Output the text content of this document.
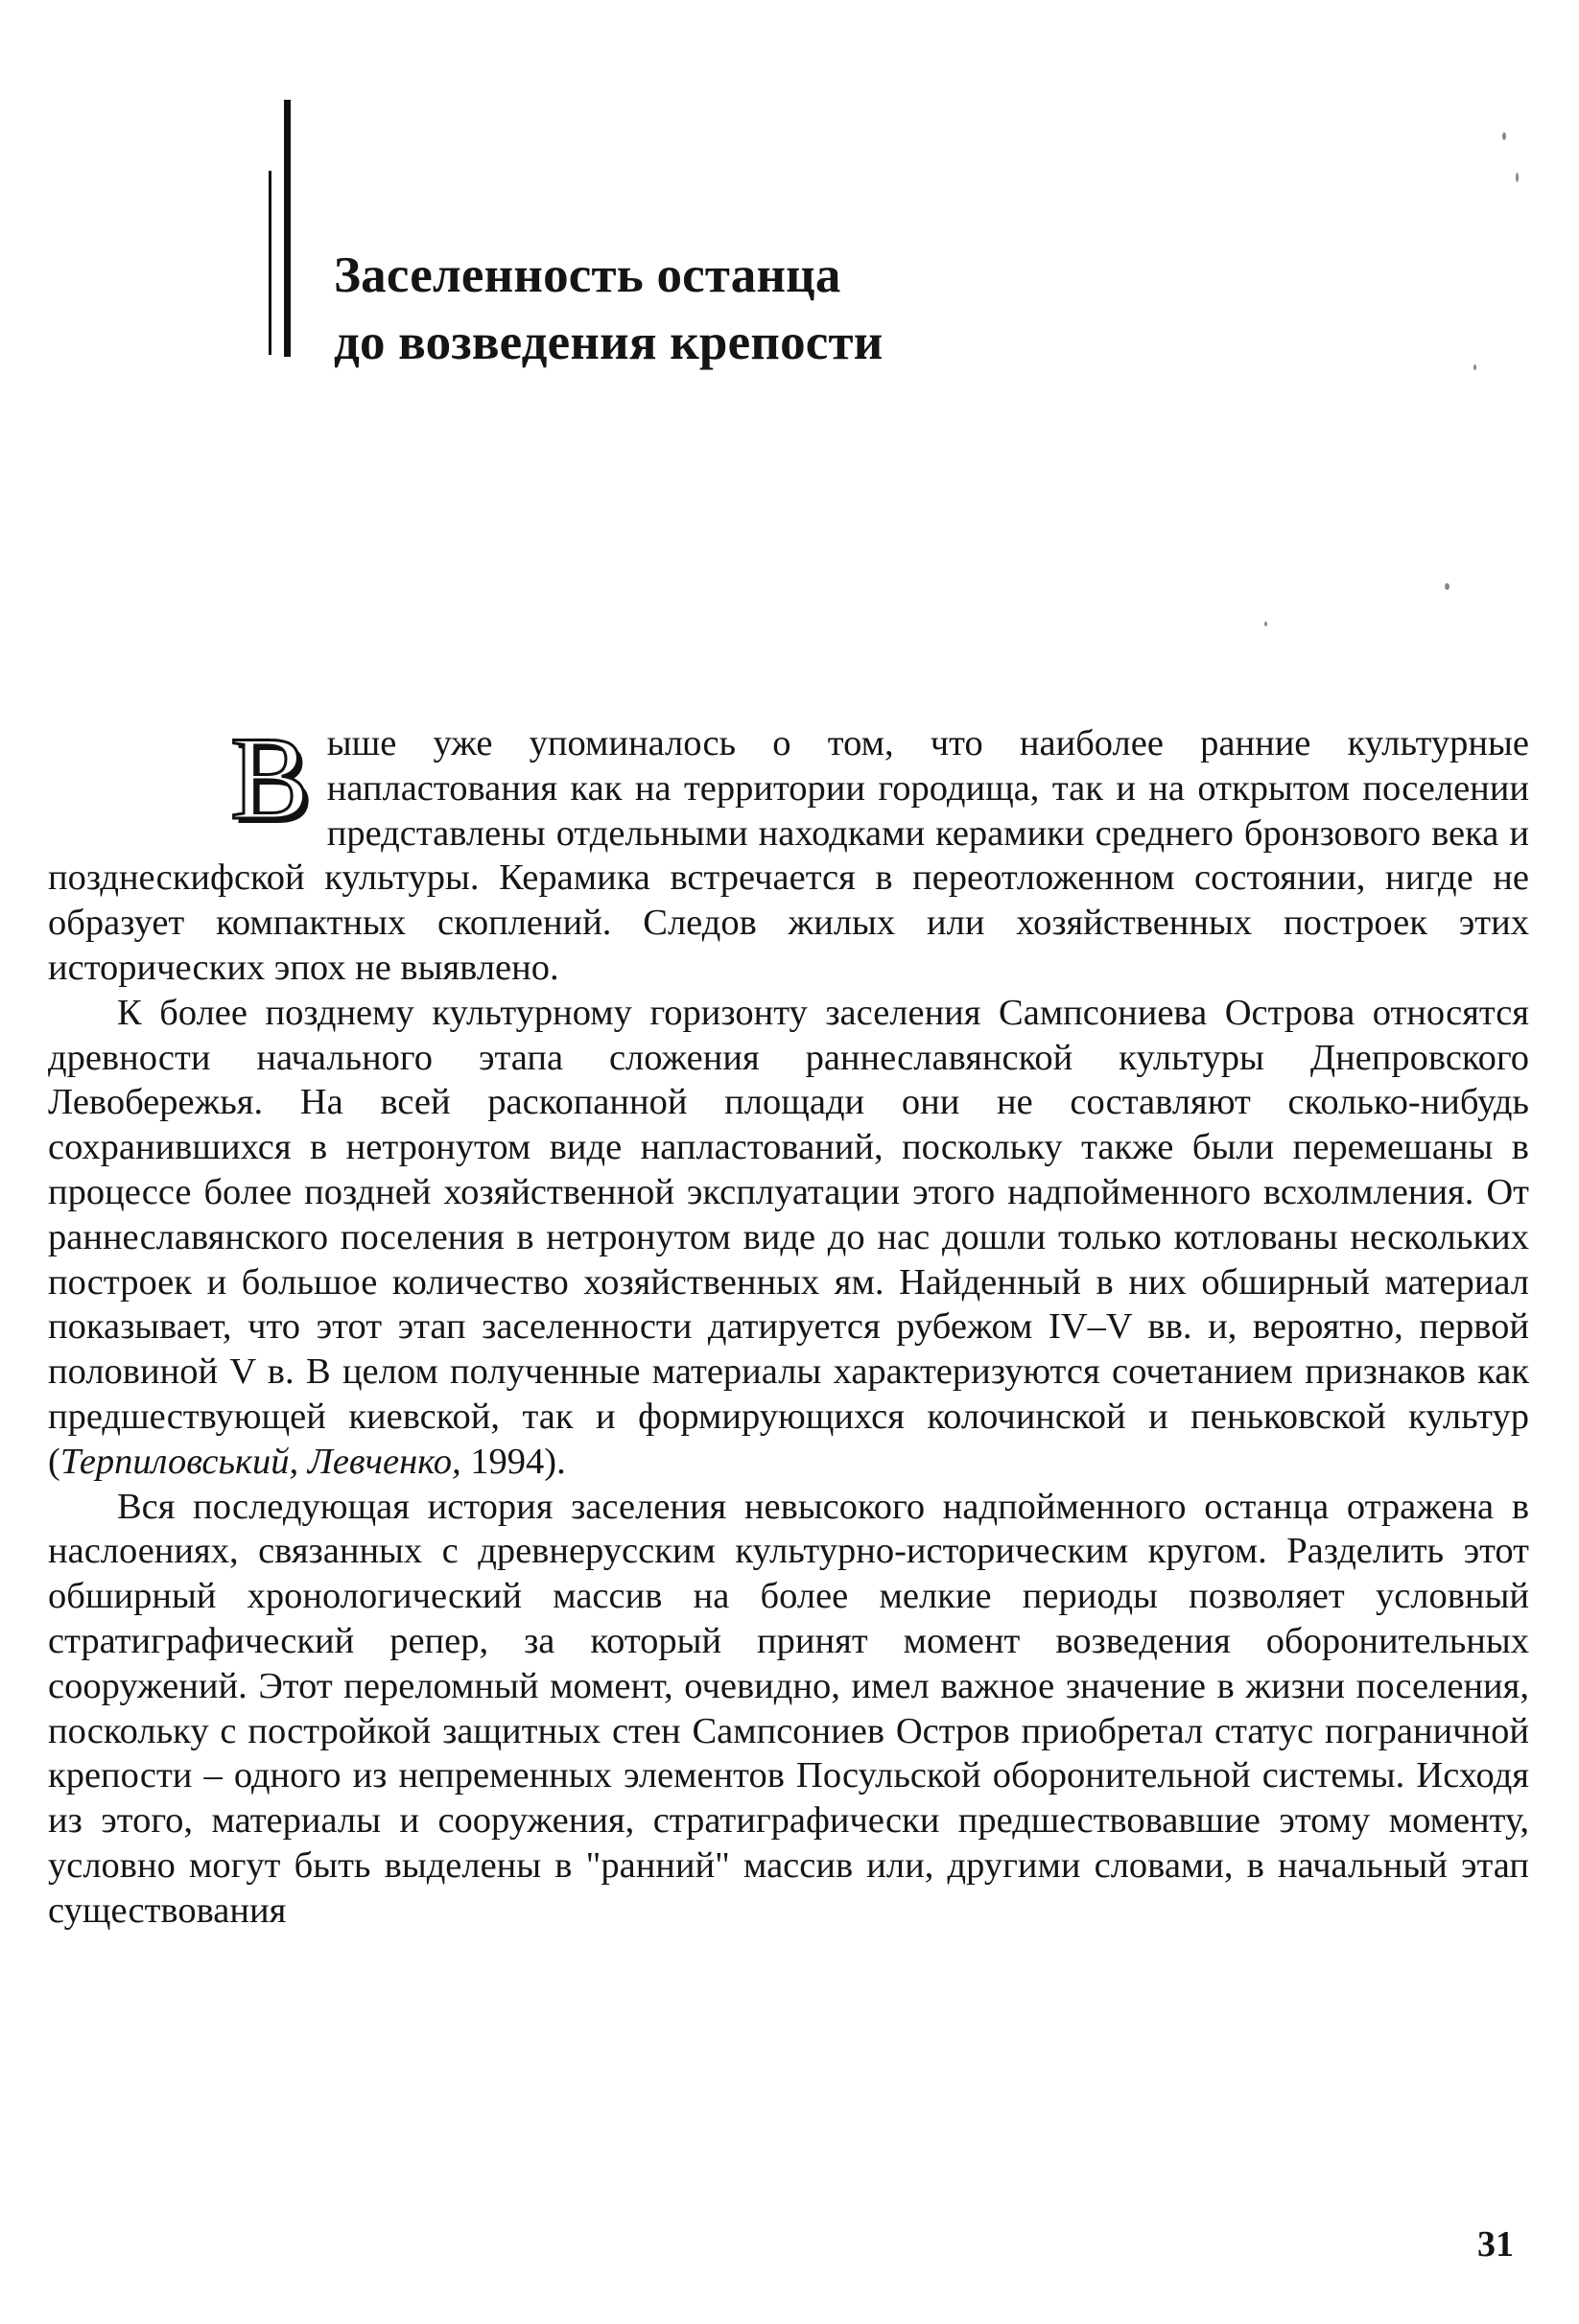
Заселенность останца
до возведения крепости

Выше уже упоминалось о том, что наиболее ранние культурные напластования как на территории городища, так и на открытом поселении представлены отдельными находками керамики среднего бронзового века и позднескифской культуры. Керамика встречается в переотложенном состоянии, нигде не образует компактных скоплений. Следов жилых или хозяйственных построек этих исторических эпох не выявлено.

К более позднему культурному горизонту заселения Сампсониева Острова относятся древности начального этапа сложения раннеславянской культуры Днепровского Левобережья. На всей раскопанной площади они не составляют сколько-нибудь сохранившихся в нетронутом виде напластований, поскольку также были перемешаны в процессе более поздней хозяйственной эксплуатации этого надпойменного всхолмления. От раннеславянского поселения в нетронутом виде до нас дошли только котлованы нескольких построек и большое количество хозяйственных ям. Найденный в них обширный материал показывает, что этот этап заселенности датируется рубежом IV–V вв. и, вероятно, первой половиной V в. В целом полученные материалы характеризуются сочетанием признаков как предшествующей киевской, так и формирующихся колочинской и пеньковской культур (Терпиловський, Левченко, 1994).

Вся последующая история заселения невысокого надпойменного останца отражена в наслоениях, связанных с древнерусским культурно-историческим кругом. Разделить этот обширный хронологический массив на более мелкие периоды позволяет условный стратиграфический репер, за который принят момент возведения оборонительных сооружений. Этот переломный момент, очевидно, имел важное значение в жизни поселения, поскольку с постройкой защитных стен Сампсониев Остров приобретал статус пограничной крепости – одного из непременных элементов Посульской оборонительной системы. Исходя из этого, материалы и сооружения, стратиграфически предшествовавшие этому моменту, условно могут быть выделены в "ранний" массив или, другими словами, в начальный этап существования

31
